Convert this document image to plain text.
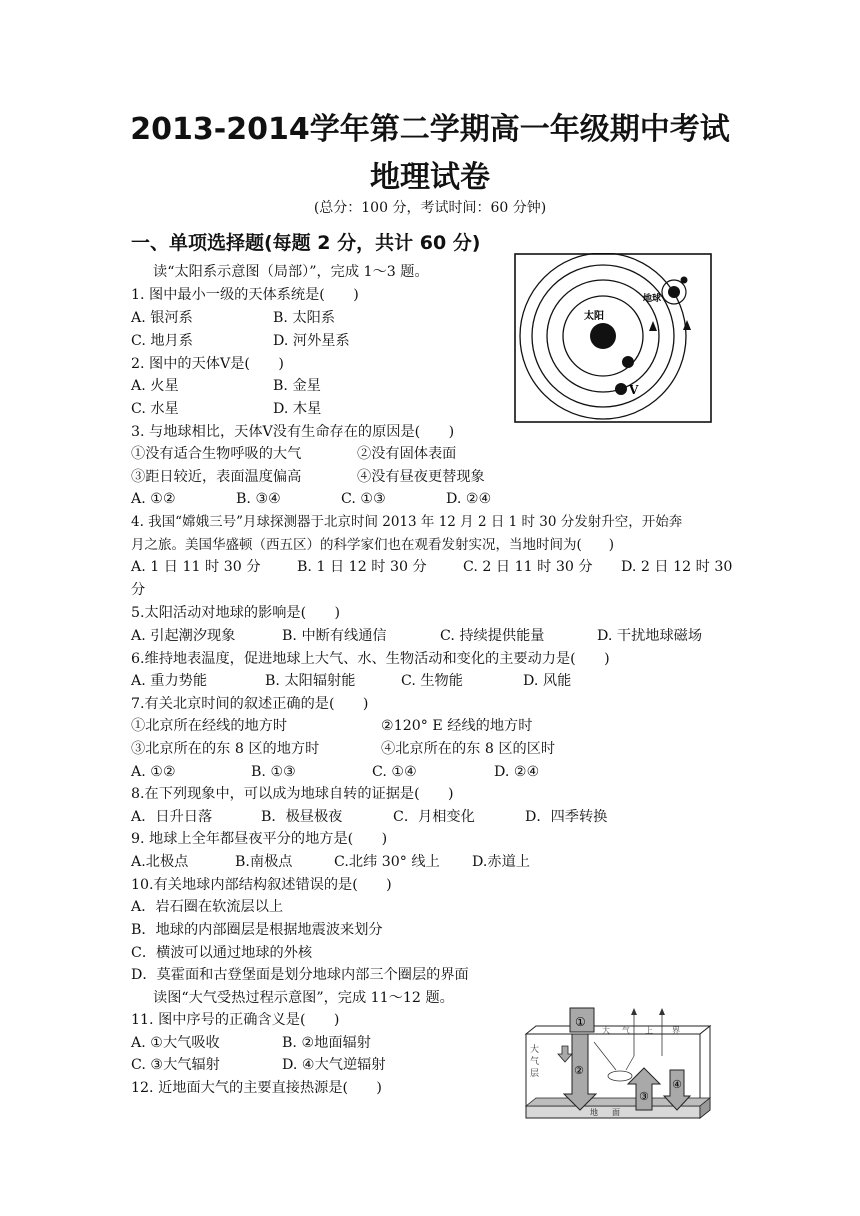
2013-2014学年第二学期高一年级期中考试
地理试卷
(总分：100 分，考试时间：60 分钟)
一、单项选择题(每题 2 分，共计 60 分)
读“太阳系示意图（局部）”，完成 1～3 题。
1. 图中最小一级的天体系统是(　　)
A. 银河系	B. 太阳系
C. 地月系	D. 河外星系
2. 图中的天体Ⅴ是(　　)
A. 火星	B. 金星
C. 水星	D. 木星
3. 与地球相比，天体Ⅴ没有生命存在的原因是(　　)
①没有适合生物呼吸的大气	②没有固体表面
③距日较近，表面温度偏高	④没有昼夜更替现象
A. ①②	B. ③④	C. ①③	D. ②④
4. 我国“嫦娥三号”月球探测器于北京时间 2013 年 12 月 2 日 1 时 30 分发射升空，开始奔
月之旅。美国华盛顿（西五区）的科学家们也在观看发射实况，当地时间为(　　)
A. 1 日 11 时 30 分	B. 1 日 12 时 30 分	C. 2 日 11 时 30 分 D. 2 日 12 时 30
分
5.太阳活动对地球的影响是(　　)
A. 引起潮汐现象	B. 中断有线通信	C. 持续提供能量	D. 干扰地球磁场
6.维持地表温度，促进地球上大气、水、生物活动和变化的主要动力是(　　)
A. 重力势能	B. 太阳辐射能	C. 生物能	D. 风能
7.有关北京时间的叙述正确的是(　　)
①北京所在经线的地方时	②120° E 经线的地方时
③北京所在的东 8 区的地方时	④北京所在的东 8 区的区时
A. ①②	B. ①③	C. ①④	D. ②④
8.在下列现象中，可以成为地球自转的证据是(　　)
A．日升日落	B．极昼极夜	C．月相变化	D．四季转换
9. 地球上全年都昼夜平分的地方是(　　)
A.北极点	B.南极点	C.北纬 30° 线上 D.赤道上
10.有关地球内部结构叙述错误的是(　　)
A．岩石圈在软流层以上
B．地球的内部圈层是根据地震波来划分
C．横波可以通过地球的外核
D．莫霍面和古登堡面是划分地球内部三个圈层的界面
读图“大气受热过程示意图”，完成 11～12 题。
11. 图中序号的正确含义是(　　)
A. ①大气吸收	B. ②地面辐射
C. ③大气辐射	D. ④大气逆辐射
12. 近地面大气的主要直接热源是(　　)
太阳
地球
V
①
②
③
④
大 气 上 界
大
气
层
地 面
